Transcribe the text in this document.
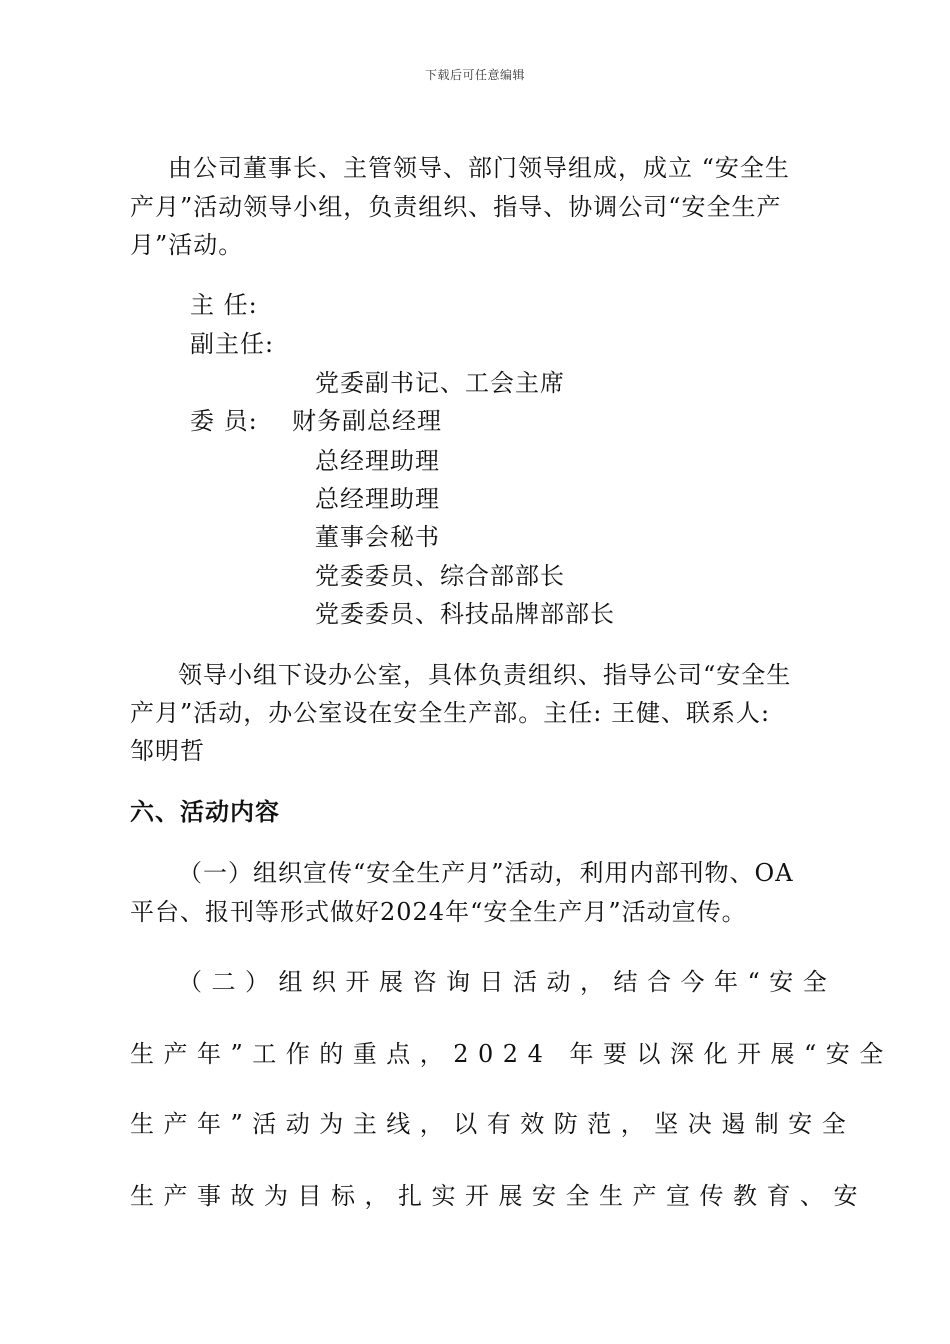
下载后可任意编辑
由公司董事长、主管领导、部门领导组成，成立 “安全生
产月”活动领导小组，负责组织、指导、协调公司“安全生产
月”活动。
主 任:
副主任:
党委副书记、工会主席
委 员: 财务副总经理
总经理助理
总经理助理
董事会秘书
党委委员、综合部部长
党委委员、科技品牌部部长
领导小组下设办公室，具体负责组织、指导公司“安全生
产月”活动，办公室设在安全生产部。主任: 王健、联系人:
邹明哲
六、活动内容
（一）组织宣传“安全生产月”活动，利用内部刊物、OA
平台、报刊等形式做好2024年“安全生产月”活动宣传。
（二）组织开展咨询日活动，结合今年“安全
生产年”工作的重点，2024 年要以深化开展“安全
生产年”活动为主线，以有效防范，坚决遏制安全
生产事故为目标，扎实开展安全生产宣传教育、安
